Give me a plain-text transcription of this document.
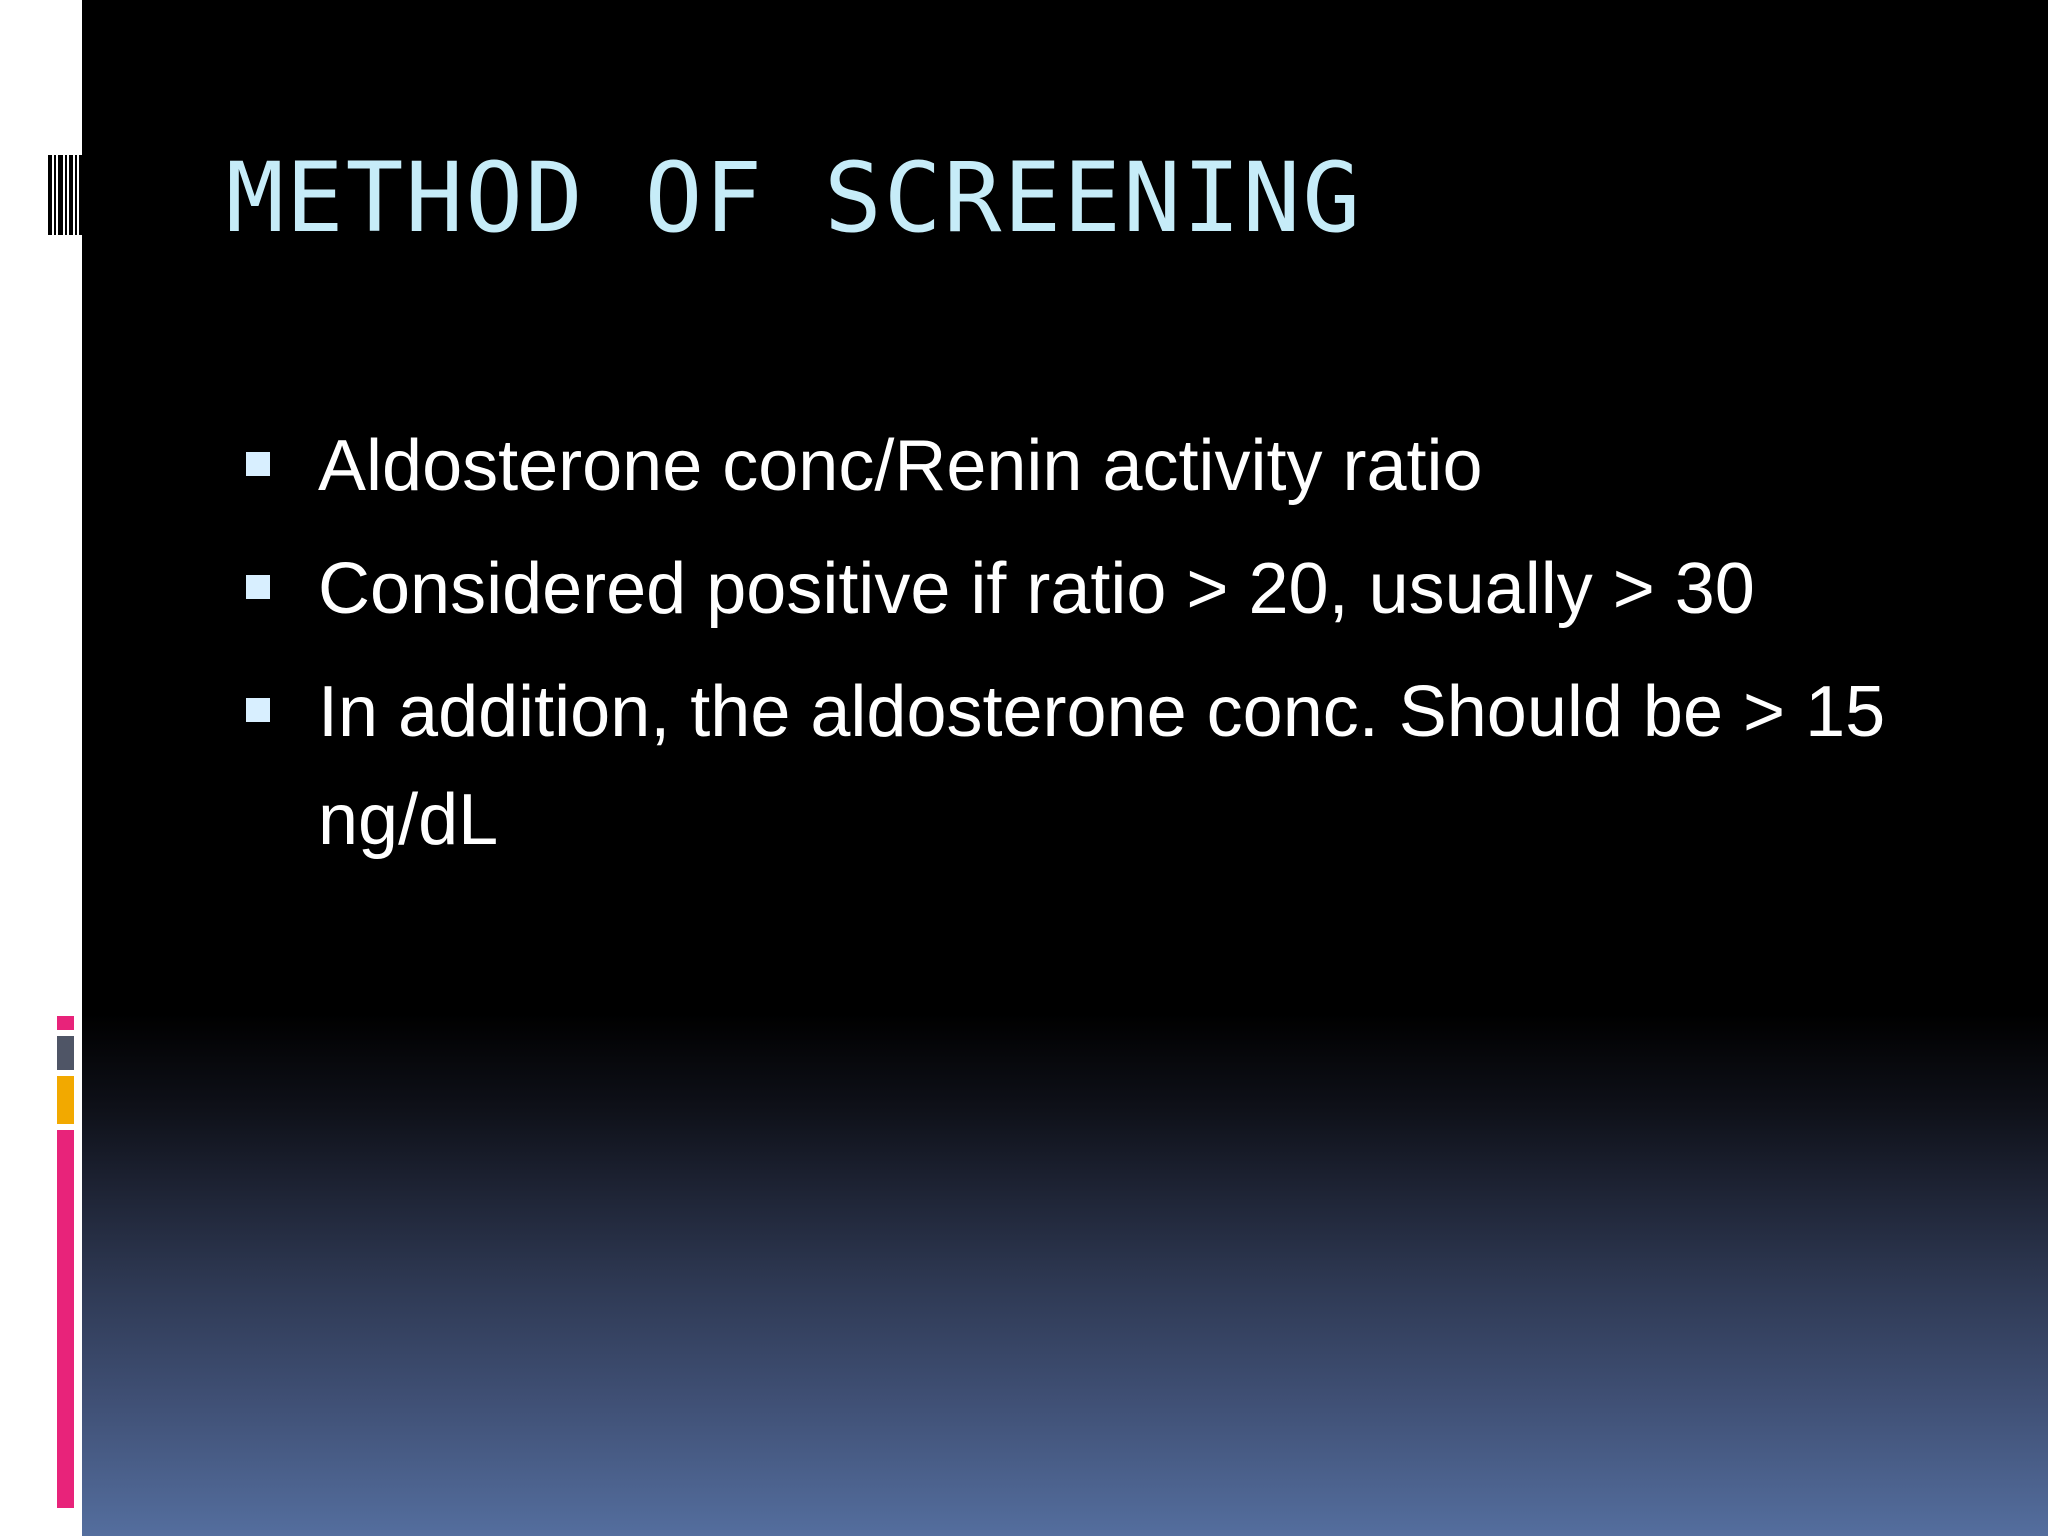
METHOD OF SCREENING
Aldosterone conc/Renin activity ratio
Considered positive if ratio > 20, usually > 30
In addition, the aldosterone conc. Should be > 15 ng/dL
